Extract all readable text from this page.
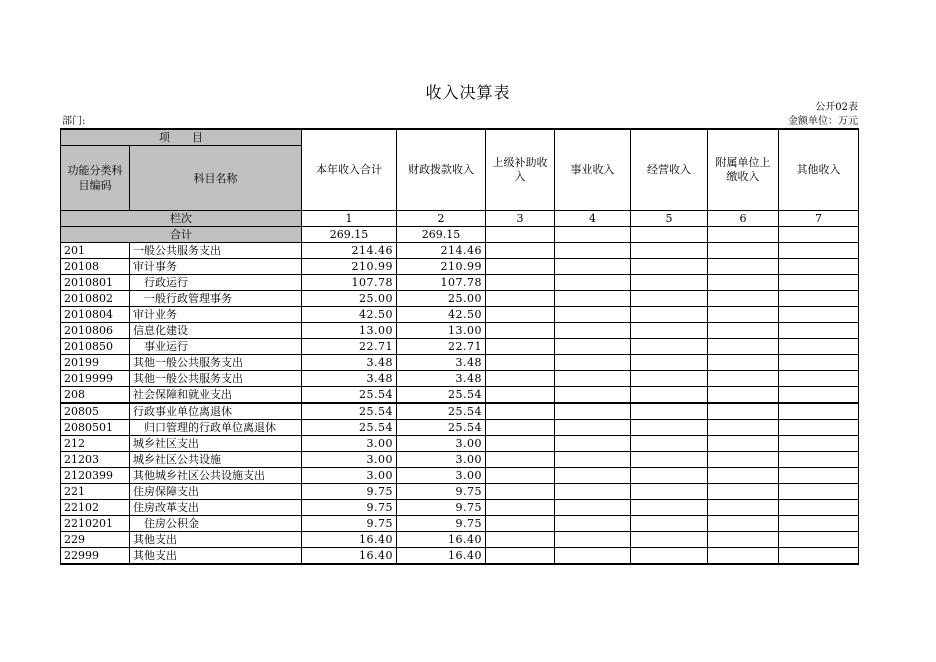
收入决算表
公开02表
部门:	金额单位：万元
项　　目		本年收入合计	财政拨款收入	上级补助收入	事业收入	经营收入	附属单位上缴收入	其他收入
功能分类科目编码	科目名称							
栏次		1	2	3	4	5	6	7
合计		269.15	269.15					
201	一般公共服务支出	214.46	214.46					
20108	审计事务	210.99	210.99					
2010801	行政运行	107.78	107.78					
2010802	一般行政管理事务	25.00	25.00					
2010804	审计业务	42.50	42.50					
2010806	信息化建设	13.00	13.00					
2010850	事业运行	22.71	22.71					
20199	其他一般公共服务支出	3.48	3.48					
2019999	其他一般公共服务支出	3.48	3.48					
208	社会保障和就业支出	25.54	25.54					
20805	行政事业单位离退休	25.54	25.54					
2080501	归口管理的行政单位离退休	25.54	25.54					
212	城乡社区支出	3.00	3.00					
21203	城乡社区公共设施	3.00	3.00					
2120399	其他城乡社区公共设施支出	3.00	3.00					
221	住房保障支出	9.75	9.75					
22102	住房改革支出	9.75	9.75					
2210201	住房公积金	9.75	9.75					
229	其他支出	16.40	16.40					
22999	其他支出	16.40	16.40					
